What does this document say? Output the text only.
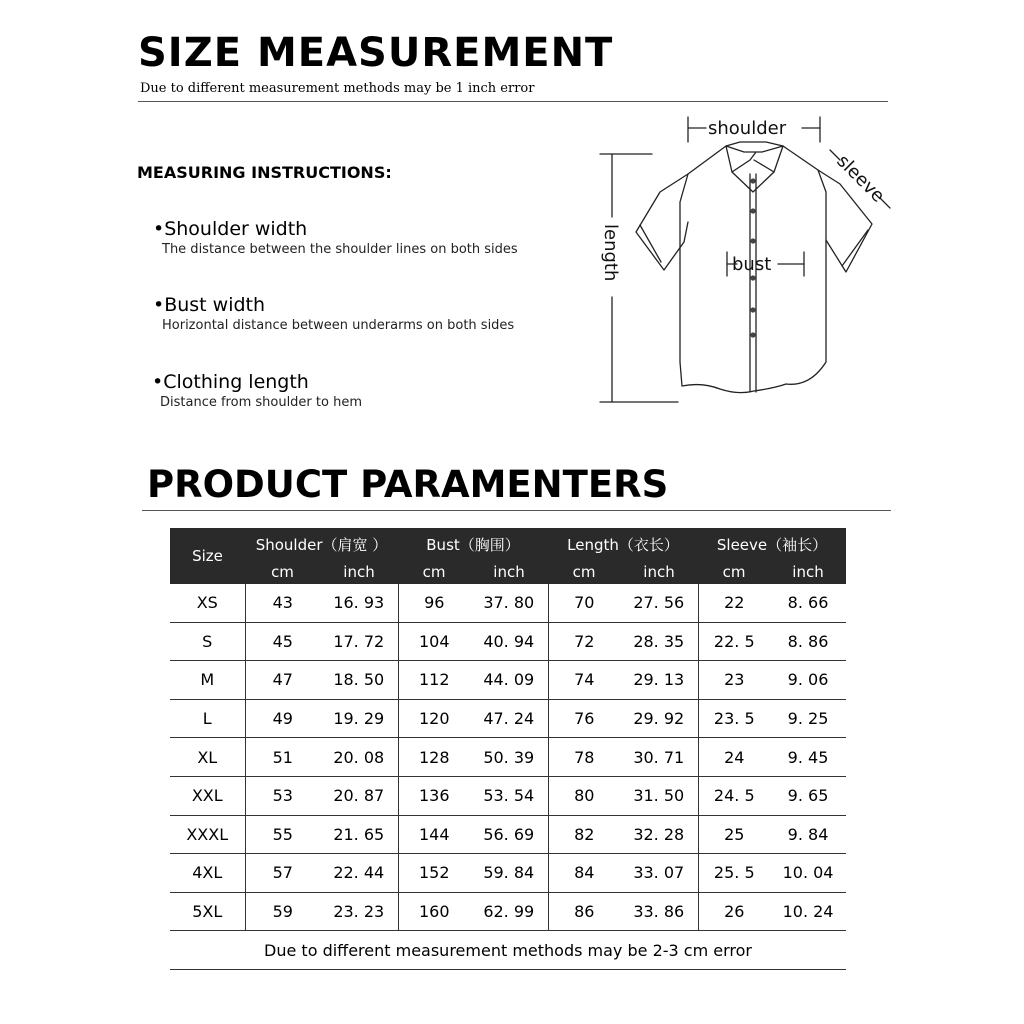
SIZE MEASUREMENT
Due to different measurement methods may be 1 inch error
MEASURING INSTRUCTIONS:
•Shoulder width
The distance between the shoulder lines on both sides
•Bust width
Horizontal distance between underarms on both sides
•Clothing length
Distance from shoulder to hem
shoulder
bust
length
sleeve
PRODUCT PARAMENTERS
Size	Shoulder（肩宽 ）		Bust（胸围）		Length（衣长）		Sleeve（袖长）	
	cm	inch	cm	inch	cm	inch	cm	inch
XS	43	16. 93	96	37. 80	70	27. 56	22	8. 66
S	45	17. 72	104	40. 94	72	28. 35	22. 5	8. 86
M	47	18. 50	112	44. 09	74	29. 13	23	9. 06
L	49	19. 29	120	47. 24	76	29. 92	23. 5	9. 25
XL	51	20. 08	128	50. 39	78	30. 71	24	9. 45
XXL	53	20. 87	136	53. 54	80	31. 50	24. 5	9. 65
XXXL	55	21. 65	144	56. 69	82	32. 28	25	9. 84
4XL	57	22. 44	152	59. 84	84	33. 07	25. 5	10. 04
5XL	59	23. 23	160	62. 99	86	33. 86	26	10. 24
Due to different measurement methods may be 2-3 cm error								
